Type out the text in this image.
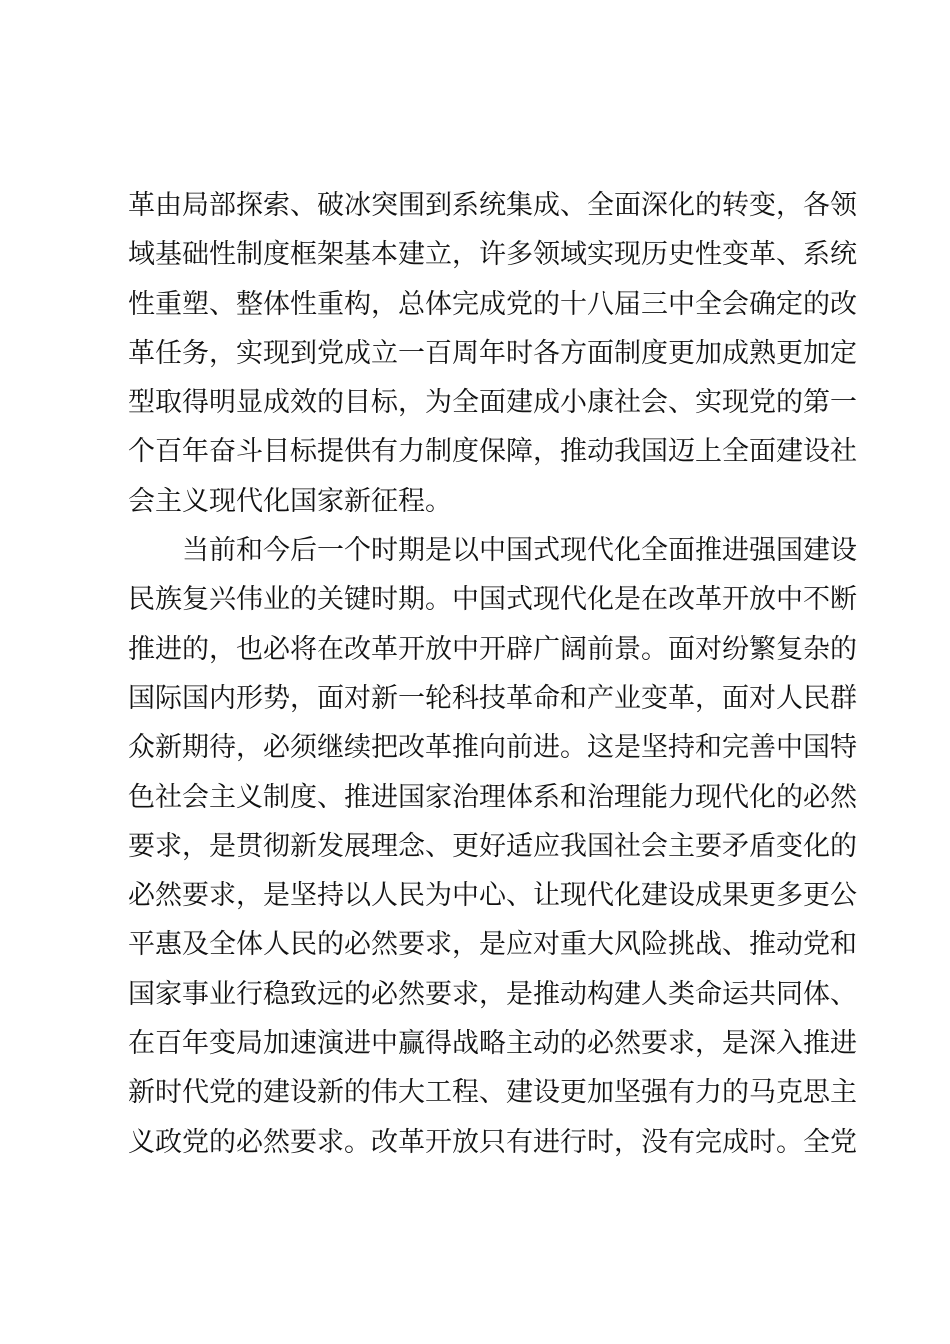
革由局部探索、破冰突围到系统集成、全面深化的转变，各领
域基础性制度框架基本建立，许多领域实现历史性变革、系统
性重塑、整体性重构，总体完成党的十八届三中全会确定的改
革任务，实现到党成立一百周年时各方面制度更加成熟更加定
型取得明显成效的目标，为全面建成小康社会、实现党的第一
个百年奋斗目标提供有力制度保障，推动我国迈上全面建设社
会主义现代化国家新征程。
当前和今后一个时期是以中国式现代化全面推进强国建设
民族复兴伟业的关键时期。中国式现代化是在改革开放中不断
推进的，也必将在改革开放中开辟广阔前景。面对纷繁复杂的
国际国内形势，面对新一轮科技革命和产业变革，面对人民群
众新期待，必须继续把改革推向前进。这是坚持和完善中国特
色社会主义制度、推进国家治理体系和治理能力现代化的必然
要求，是贯彻新发展理念、更好适应我国社会主要矛盾变化的
必然要求，是坚持以人民为中心、让现代化建设成果更多更公
平惠及全体人民的必然要求，是应对重大风险挑战、推动党和
国家事业行稳致远的必然要求，是推动构建人类命运共同体、
在百年变局加速演进中赢得战略主动的必然要求，是深入推进
新时代党的建设新的伟大工程、建设更加坚强有力的马克思主
义政党的必然要求。改革开放只有进行时，没有完成时。全党
